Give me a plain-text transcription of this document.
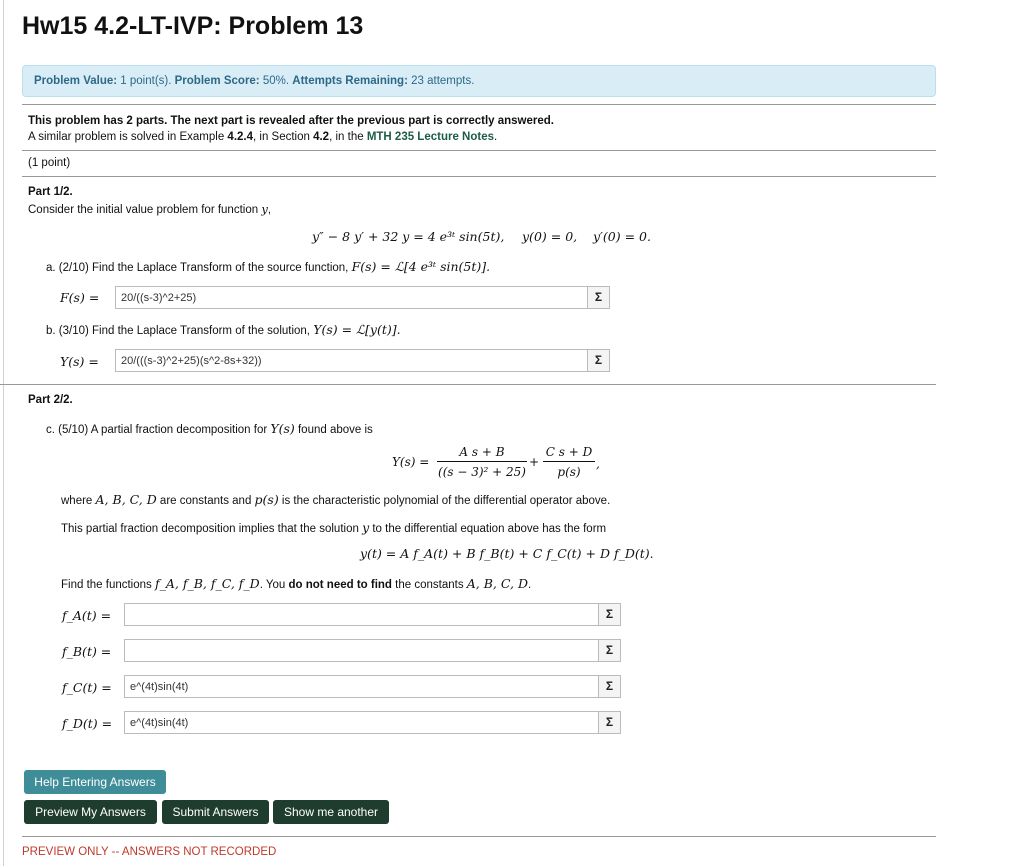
Hw15 4.2-LT-IVP: Problem 13
Problem Value: 1 point(s). Problem Score: 50%. Attempts Remaining: 23 attempts.
This problem has 2 parts. The next part is revealed after the previous part is correctly answered.
A similar problem is solved in Example 4.2.4, in Section 4.2, in the MTH 235 Lecture Notes.
(1 point)
Part 1/2.
Consider the initial value problem for function y,
y″ − 8 y′ + 32 y = 4 e³ᵗ sin(5t), y(0) = 0, y′(0) = 0.
a. (2/10) Find the Laplace Transform of the source function, F(s) = ℒ[4 e³ᵗ sin(5t)].
F(s) =
20/((s-3)^2+25)	Σ
b. (3/10) Find the Laplace Transform of the solution, Y(s) = ℒ[y(t)].
Y(s) =
20/(((s-3)^2+25)(s^2-8s+32))	Σ
Part 2/2.
c. (5/10) A partial fraction decomposition for Y(s) found above is
Y(s) =
A s + B
((s − 3)² + 25)
+
C s + D
p(s)
,
where A, B, C, D are constants and p(s) is the characteristic polynomial of the differential operator above.
This partial fraction decomposition implies that the solution y to the differential equation above has the form
y(t) = A f_A(t) + B f_B(t) + C f_C(t) + D f_D(t).
Find the functions f_A, f_B, f_C, f_D. You do not need to find the constants A, B, C, D.
f_A(t) =	Σ
f_B(t) =	Σ
f_C(t) =
e^(4t)sin(4t)	Σ
f_D(t) =
e^(4t)sin(4t)	Σ
Help Entering Answers
Preview My Answers	Submit Answers	Show me another
PREVIEW ONLY -- ANSWERS NOT RECORDED
